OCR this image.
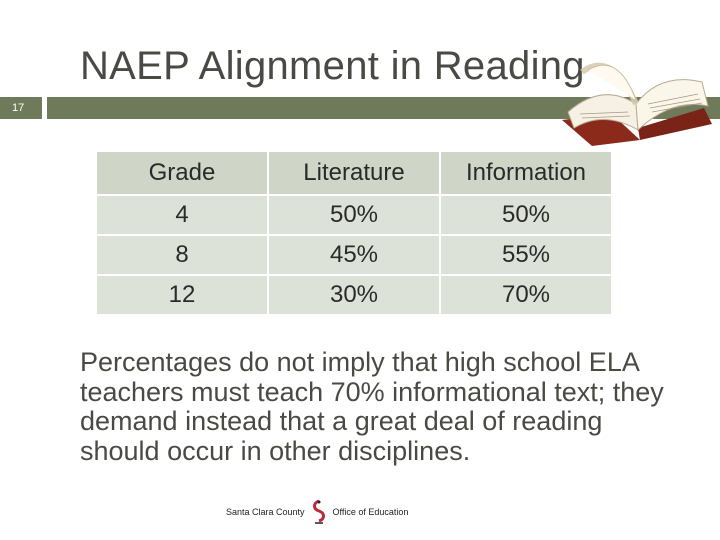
NAEP Alignment in Reading
17
Grade	Literature	Information
4	50%	50%
8	45%	55%
12	30%	70%
Percentages do not imply that high school ELA teachers must teach 70% informational text; they demand instead that a great deal of reading should occur in other disciplines.
Santa Clara County	Office of Education
